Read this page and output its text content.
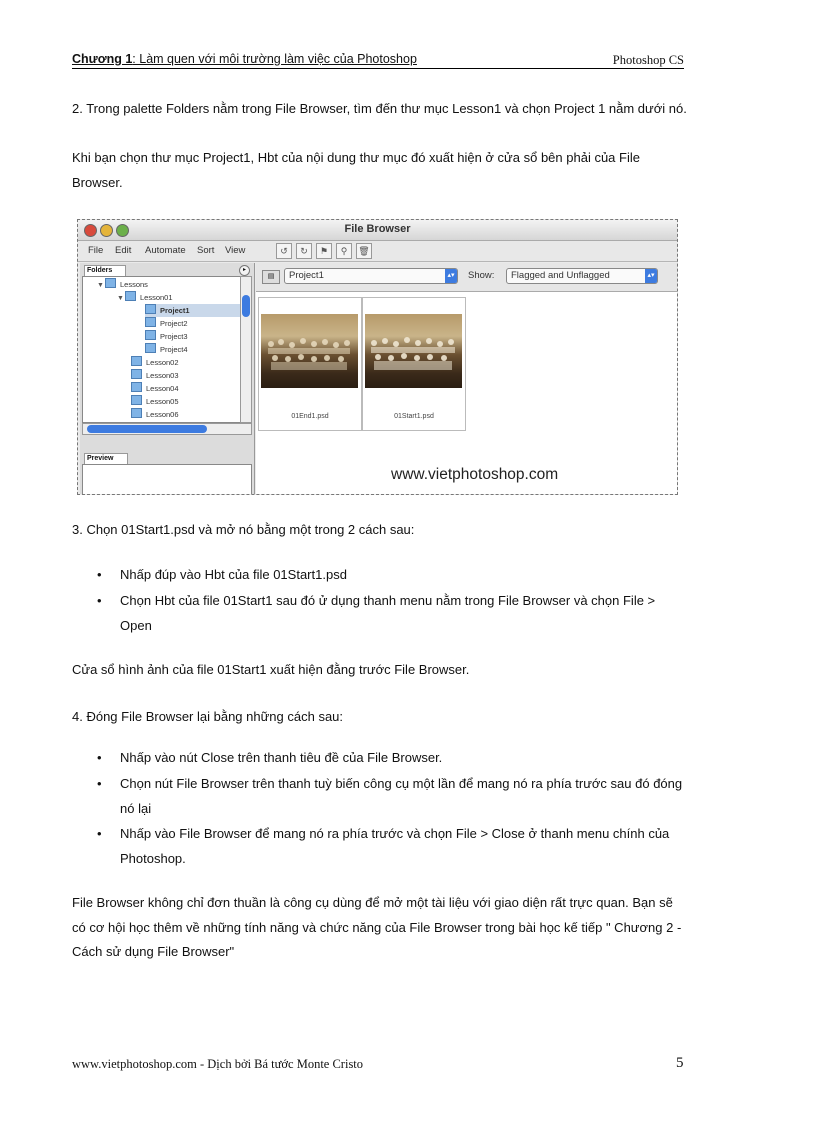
Chương 1: Làm quen với môi trường làm việc của Photoshop	Photoshop CS

2. Trong palette Folders nằm trong File Browser, tìm đến thư mục Lesson1 và chọn Project 1 nằm dưới nó.

Khi bạn chọn thư mục Project1, Hbt của nội dung thư mục đó xuất hiện ở cửa sổ bên phải của File Browser.

File Browser
File Edit Automate Sort View	↺	↻	⚑	⚲	🗑
Folders	▸
▼ Lessons
▼ Lesson01
Project1
Project2
Project3
Project4
Lesson02
Lesson03
Lesson04
Lesson05
Lesson06
Preview
▤	Project1	▴▾ Show:	Flagged and Unflagged	▴▾
01End1.psd	01Start1.psd
www.vietphotoshop.com

3. Chọn 01Start1.psd và mở nó bằng một trong 2 cách sau:

•	Nhấp đúp vào Hbt của file 01Start1.psd

•	Chọn Hbt của file 01Start1 sau đó ử dụng thanh menu nằm trong File Browser và chọn File > Open

Cửa sổ hình ảnh của file 01Start1 xuất hiện đằng trước File Browser.

4. Đóng File Browser lại bằng những cách sau:

•	Nhấp vào nút Close trên thanh tiêu đề của File Browser.

•	Chọn nút File Browser trên thanh tuỳ biến công cụ một lần để mang nó ra phía trước sau đó đóng nó lại

•	Nhấp vào File Browser để mang nó ra phía trước và chọn File > Close ở thanh menu chính của Photoshop.

File Browser không chỉ đơn thuần là công cụ dùng để mở một tài liệu với giao diện rất trực quan. Bạn sẽ có cơ hội học thêm về những tính năng và chức năng của File Browser trong bài học kế tiếp " Chương 2 - Cách sử dụng File Browser"

www.vietphotoshop.com - Dịch bởi Bá tước Monte Cristo	5
